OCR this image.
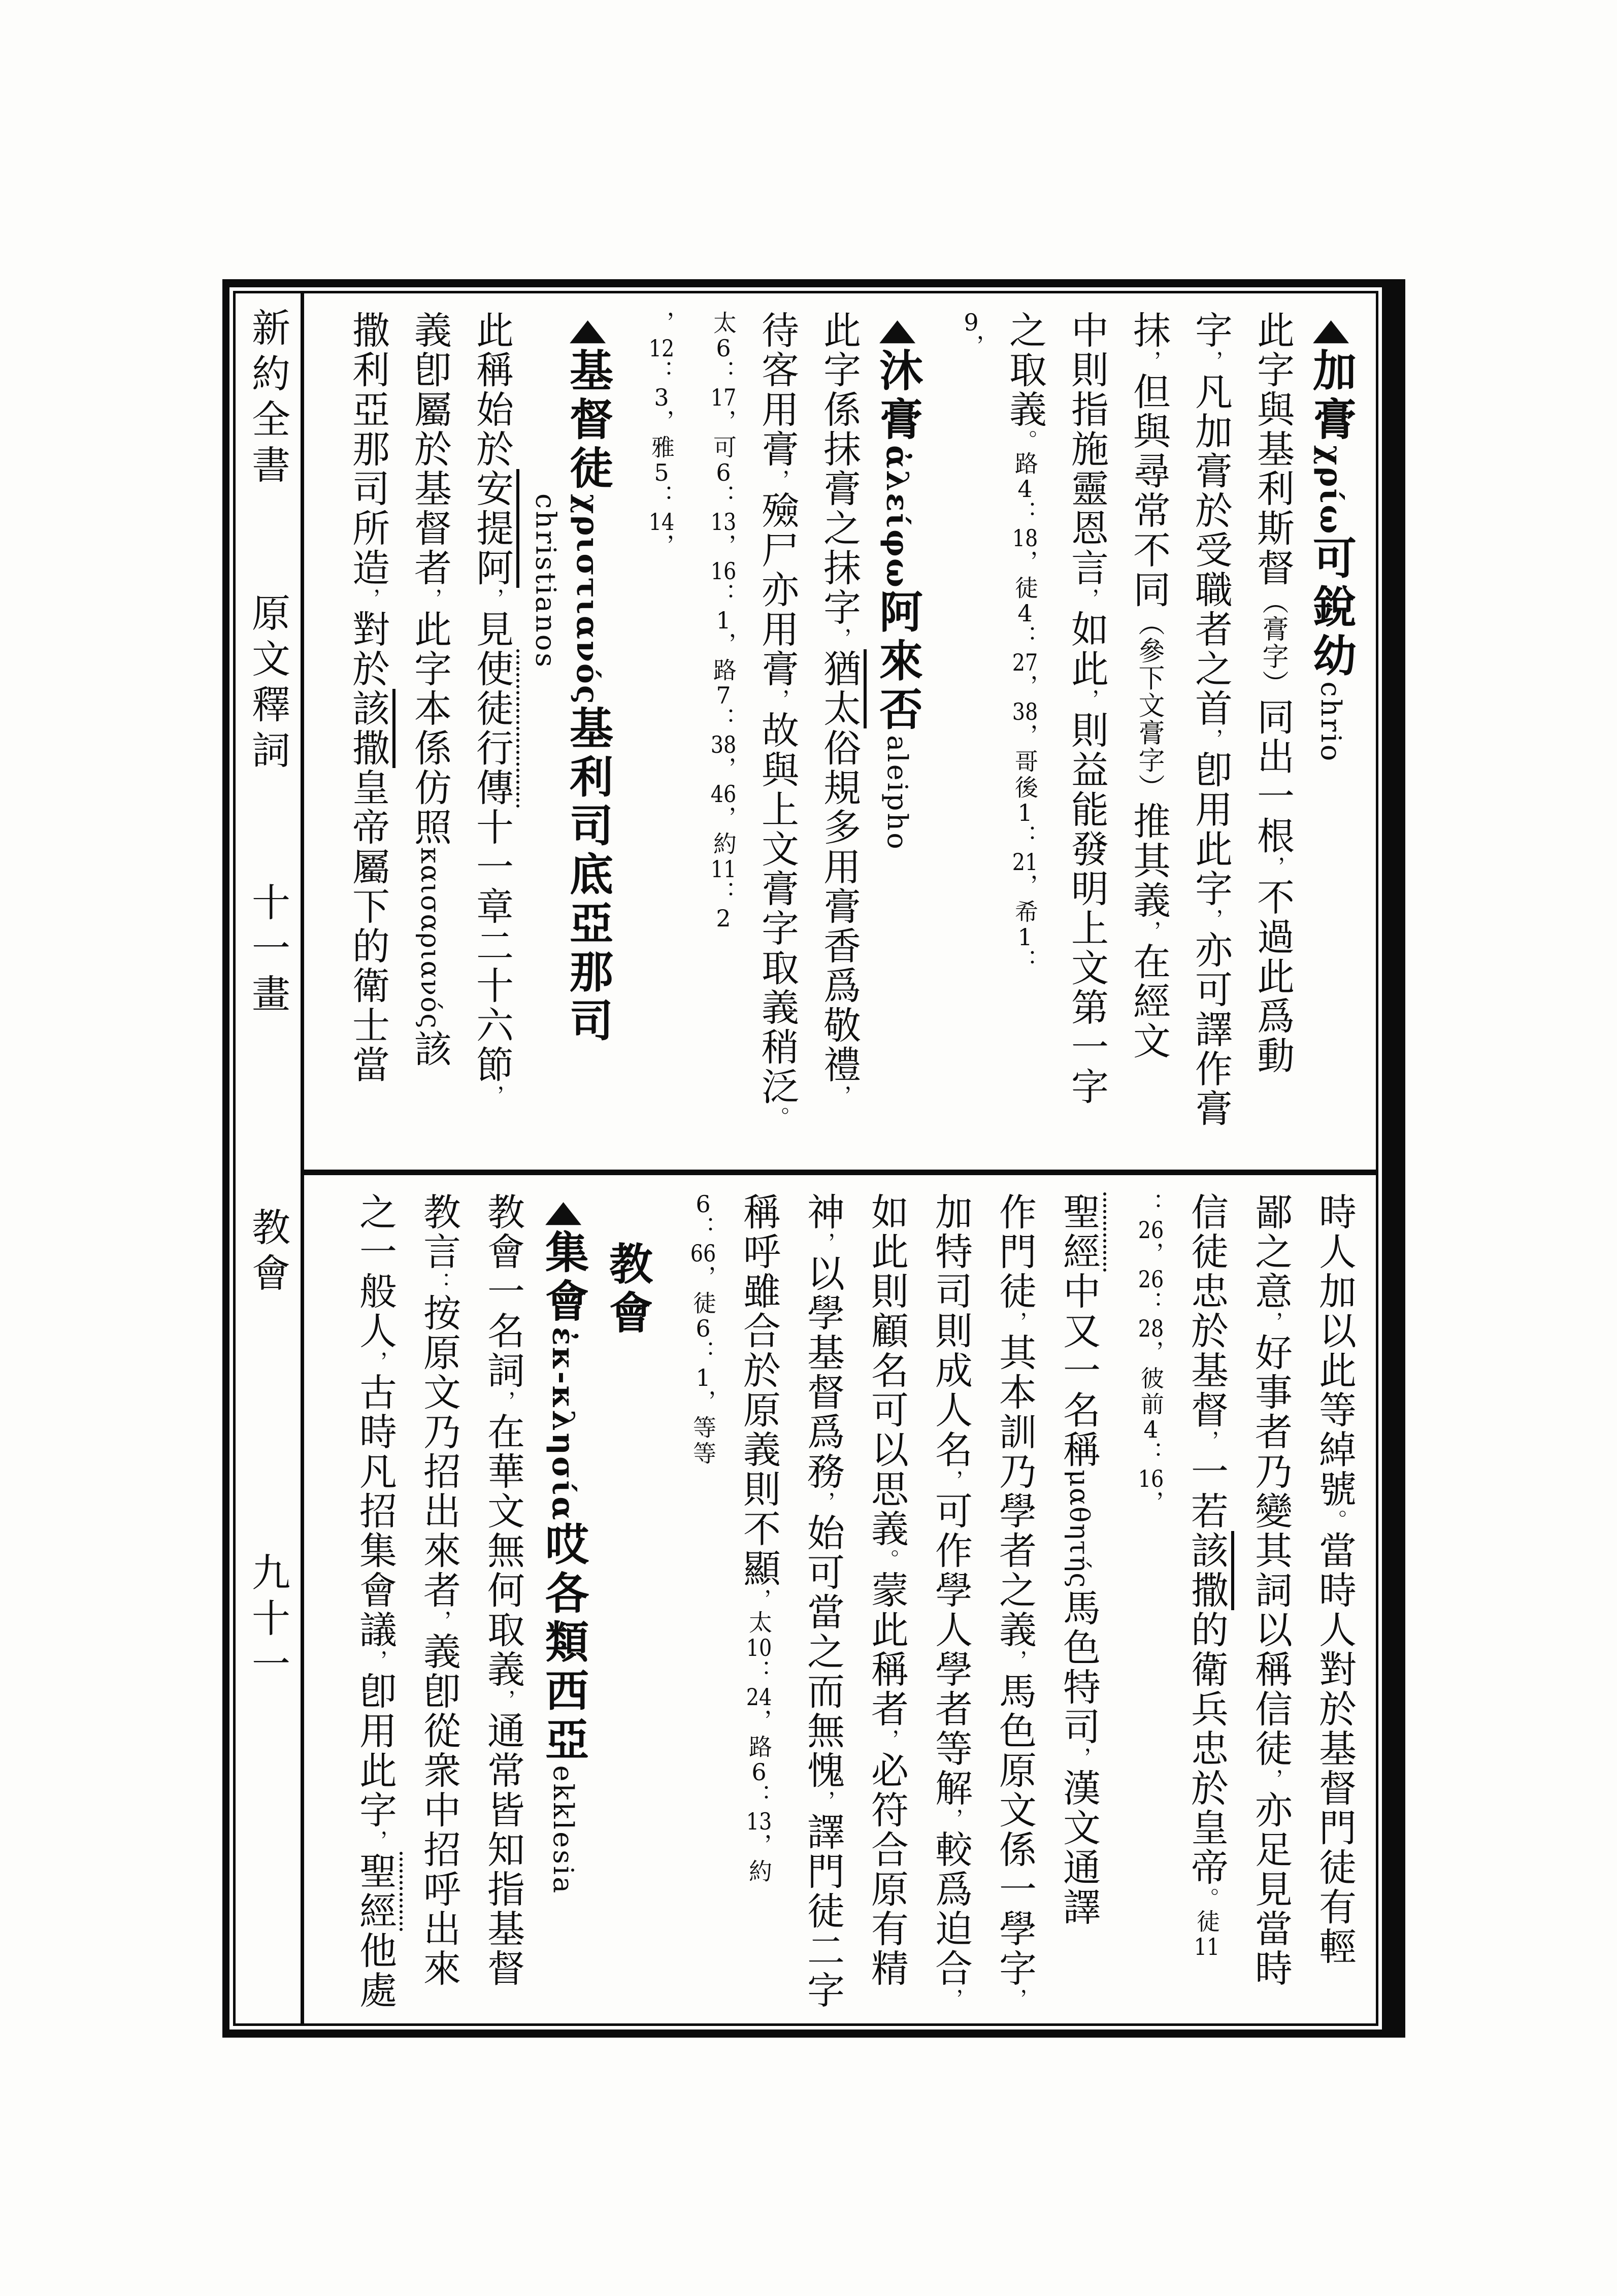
新約全書
原文釋詞
十一畫
教會
九十一
▲加膏χρίω可銳幼chrio
此字與基利斯督（膏字）同出一根，不過此爲動
字，凡加膏於受職者之首，卽用此字，亦可譯作膏
抹，但與尋常不同（參下文膏字）推其義，在經文
中則指施靈恩言，如此，則益能發明上文第一字
之取義。路4：18，徒4：27，38，哥後1：21，希1：
9，
▲沐膏ἀλείφω阿來否aleipho
此字係抹膏之抹字，猶太俗規多用膏香爲敬禮，
待客用膏，殮尸亦用膏，故與上文膏字取義稍泛。
太6：17，可6：13，16：1，路7：38，46，約11：2
，12：3，雅5：14，
▲基督徒χριστιανός基利司底亞那司
christianos
此稱始於安提阿，見使徒行傳十一章二十六節，
義卽屬於基督者，此字本係仿照καισαριανός該
撒利亞那司所造，對於該撒皇帝屬下的衛士當
時人加以此等綽號。當時人對於基督門徒有輕
鄙之意，好事者乃變其詞以稱信徒，亦足見當時
信徒忠於基督，一若該撒的衛兵忠於皇帝。徒11
：26，26：28，彼前4：16，
聖經中又一名稱μαθητής馬色特司，漢文通譯
作門徒，其本訓乃學者之義，馬色原文係一學字，
加特司則成人名，可作學人學者等解，較爲迫合，
如此則顧名可以思義。蒙此稱者，必符合原有精
神，以學基督爲務，始可當之而無愧，譯門徒二字
稱呼雖合於原義則不顯，太10：24，路6：13，約
6：66，徒6：1，等等
　教會
▲集會ἐκ-κλησία哎各類西亞ekklesia
教會一名詞，在華文無何取義，通常皆知指基督
教言：按原文乃招出來者，義卽從衆中招呼出來
之一般人，古時凡招集會議，卽用此字，聖經他處
